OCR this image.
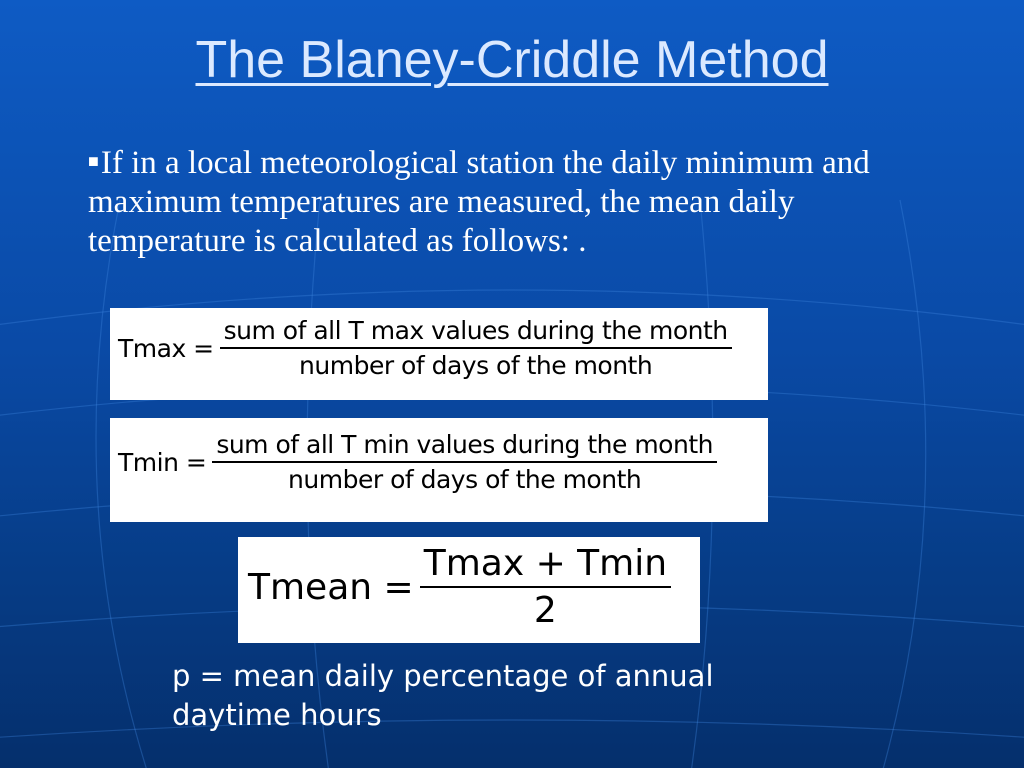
The Blaney-Criddle Method
■If in a local meteorological station the daily minimum and maximum temperatures are measured, the mean daily temperature is calculated as follows: .
$Tmax = \frac{\text{sum of all T max values during the month}}{\text{number of days of the month}}$
$Tmin = \frac{\text{sum of all T min values during the month}}{\text{number of days of the month}}$
Tmean = $\frac{Tmax + Tmin}{2}$
p = mean daily percentage of annual daytime hours
